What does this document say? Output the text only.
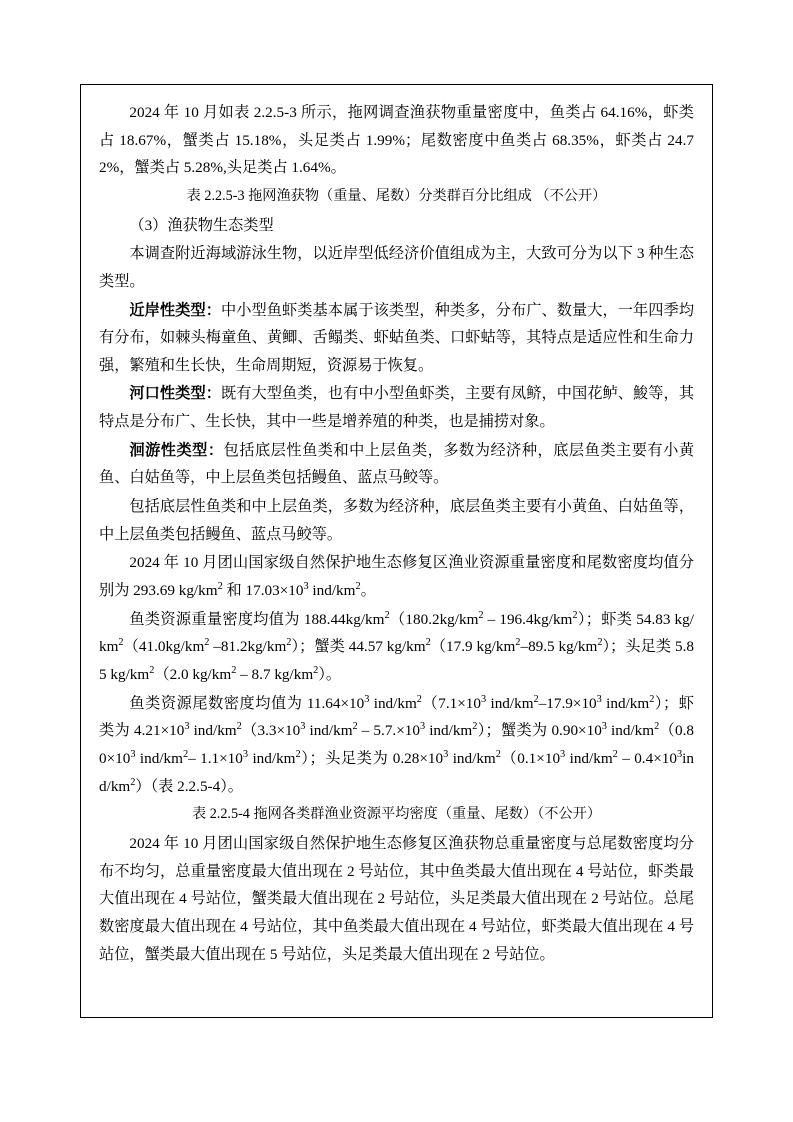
2024 年 10 月如表 2.2.5-3 所示，拖网调查渔获物重量密度中，鱼类占 64.16%，虾类占 18.67%，蟹类占 15.18%，头足类占 1.99%；尾数密度中鱼类占 68.35%，虾类占 24.72%，蟹类占 5.28%,头足类占 1.64%。

表 2.2.5-3 拖网渔获物（重量、尾数）分类群百分比组成 （不公开）

（3）渔获物生态类型

本调查附近海域游泳生物，以近岸型低经济价值组成为主，大致可分为以下 3 种生态类型。

近岸性类型：中小型鱼虾类基本属于该类型，种类多，分布广、数量大，一年四季均有分布，如棘头梅童鱼、黄鲫、舌鳎类、虾蛄鱼类、口虾蛄等，其特点是适应性和生命力强，繁殖和生长快，生命周期短，资源易于恢复。

河口性类型：既有大型鱼类，也有中小型鱼虾类，主要有凤鲚，中国花鲈、鮻等，其特点是分布广、生长快，其中一些是增养殖的种类，也是捕捞对象。

洄游性类型：包括底层性鱼类和中上层鱼类，多数为经济种，底层鱼类主要有小黄鱼、白姑鱼等，中上层鱼类包括鳗鱼、蓝点马鲛等。

包括底层性鱼类和中上层鱼类，多数为经济种，底层鱼类主要有小黄鱼、白姑鱼等，中上层鱼类包括鳗鱼、蓝点马鲛等。

2024 年 10 月团山国家级自然保护地生态修复区渔业资源重量密度和尾数密度均值分别为 293.69 $kg/km^2$ 和 $17.03\times 10^3$ ind/$km^2$。

鱼类资源重量密度均值为 $188.44kg/km^2(180.2kg/km^2 - 196.4kg/km^2)$；虾类 54.83 $kg/km^2(41.0kg/km^2$ $-81.2kg/km^2$）；蟹类 44.57 $kg/km^2(17.9$ $kg/km^2-89.5$ $kg/km^2$）；头足类 5.85 $kg/km^2(2.0$ $kg/km^2 - 8.7$ $kg/km^2$）。

鱼类资源尾数密度均值为 $11.64\times 10^3$ ind/$km^2(7.1\times 10^3$ ind/$km^2-17.9\times 10^3$ ind/$km^2$）；虾类为 $4.21\times 10^3$ ind/$km^2(3.3\times 10^3$ ind/$km^2 - 5.7.\times 10^3$ ind/$km^2$）；蟹类为 $0.90\times 10^3$ ind/$km^2(0.80\times 10^3$ ind/$km^2-$ $1.1\times 10^3$ ind/$km^2$）；头足类为 $0.28\times 10^3$ ind/$km^2(0.1\times 10^3$ ind/$km^2 - 0.4\times 10^3ind/km^2$）（表 2.2.5-4）。

表 2.2.5-4 拖网各类群渔业资源平均密度（重量、尾数）（不公开）

2024 年 10 月团山国家级自然保护地生态修复区渔获物总重量密度与总尾数密度均分布不均匀，总重量密度最大值出现在 2 号站位，其中鱼类最大值出现在 4 号站位，虾类最大值出现在 4 号站位，蟹类最大值出现在 2 号站位，头足类最大值出现在 2 号站位。总尾数密度最大值出现在 4 号站位，其中鱼类最大值出现在 4 号站位，虾类最大值出现在 4 号站位，蟹类最大值出现在 5 号站位，头足类最大值出现在 2 号站位。
